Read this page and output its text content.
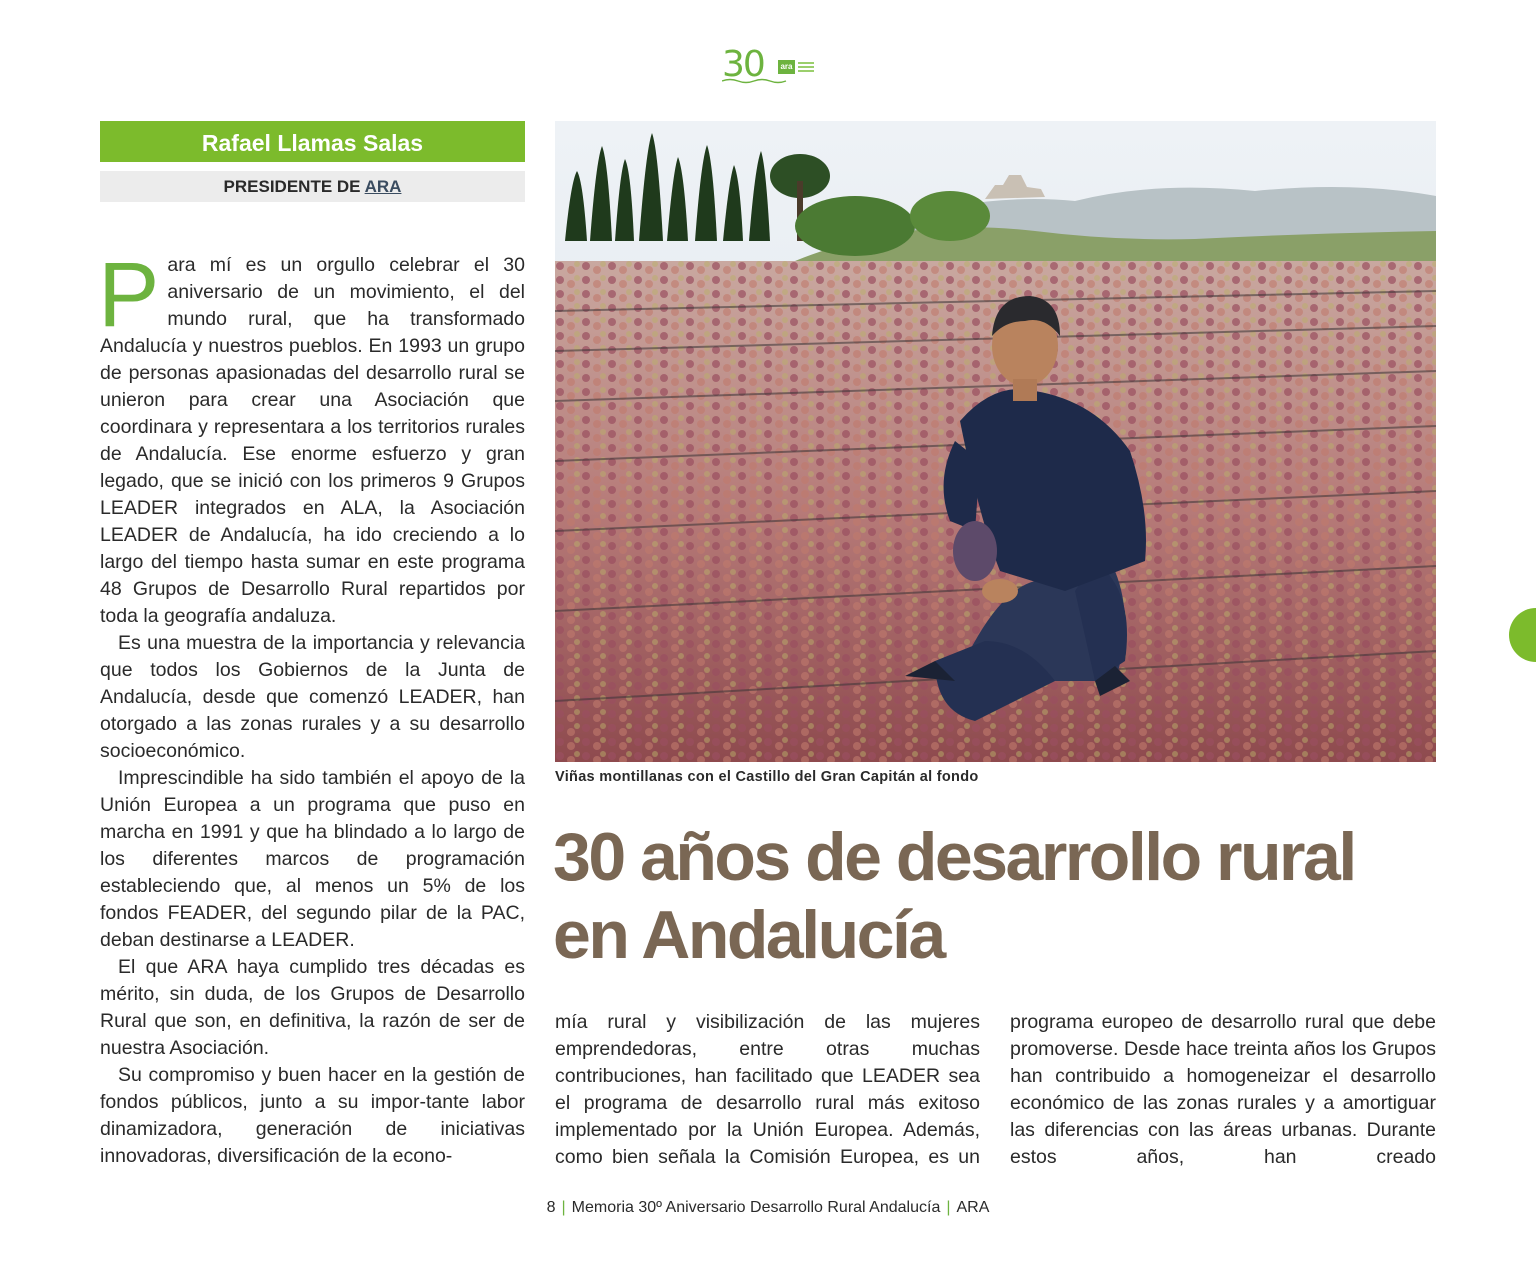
30	ara
Rafael Llamas Salas
PRESIDENTE DE ARA

Para mí es un orgullo celebrar el 30 aniversario de un movimiento, el del mundo rural, que ha transformado Andalucía y nuestros pueblos. En 1993 un grupo de personas apasionadas del desarrollo rural se unieron para crear una Asociación que coordinara y representara a los territorios rurales de Andalucía. Ese enorme esfuerzo y gran legado, que se inició con los primeros 9 Grupos LEADER integrados en ALA, la Asociación LEADER de Andalucía, ha ido creciendo a lo largo del tiempo hasta sumar en este programa 48 Grupos de Desarrollo Rural repartidos por toda la geografía andaluza.

Es una muestra de la importancia y relevancia que todos los Gobiernos de la Junta de Andalucía, desde que comenzó LEADER, han otorgado a las zonas rurales y a su desarrollo socioeconómico.

Imprescindible ha sido también el apoyo de la Unión Europea a un programa que puso en marcha en 1991 y que ha blindado a lo largo de los diferentes marcos de programación estableciendo que, al menos un 5% de los fondos FEADER, del segundo pilar de la PAC, deban destinarse a LEADER.

El que ARA haya cumplido tres décadas es mérito, sin duda, de los Grupos de Desarrollo Rural que son, en definitiva, la razón de ser de nuestra Asociación.

Su compromiso y buen hacer en la gestión de fondos públicos, junto a su impor-tante labor dinamizadora, generación de iniciativas innovadoras, diversificación de la econo-

Viñas montillanas con el Castillo del Gran Capitán al fondo
30 años de desarrollo rural
en Andalucía

mía rural y visibilización de las mujeres emprendedoras, entre otras muchas contribuciones, han facilitado que LEADER sea el programa de desarrollo rural más exitoso implementado por la Unión Europea. Además, como bien señala la Comisión Europea, es un

programa europeo de desarrollo rural que debe promoverse. Desde hace treinta años los Grupos han contribuido a homogeneizar el desarrollo económico de las zonas rurales y a amortiguar las diferencias con las áreas urbanas. Durante estos años, han creado

8 | Memoria 30º Aniversario Desarrollo Rural Andalucía | ARA
